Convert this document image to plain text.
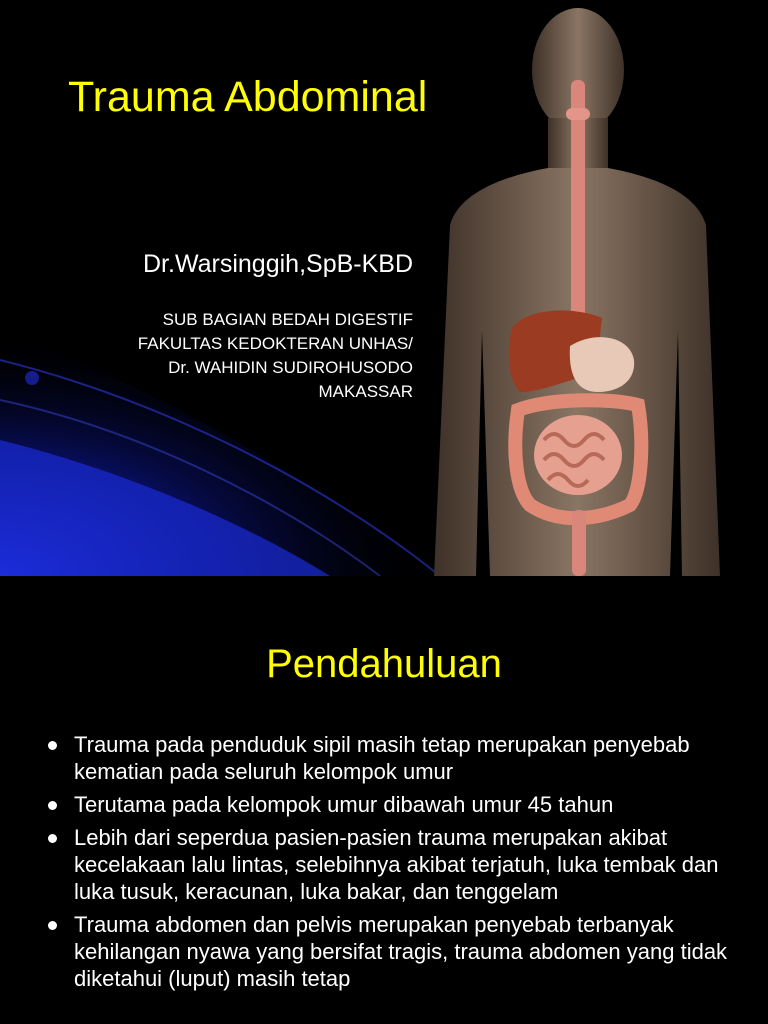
Trauma Abdominal
Dr.Warsinggih,SpB-KBD
SUB BAGIAN BEDAH DIGESTIF
FAKULTAS KEDOKTERAN UNHAS/
Dr. WAHIDIN SUDIROHUSODO
MAKASSAR
Pendahuluan
Trauma pada penduduk sipil masih tetap merupakan penyebab kematian pada seluruh kelompok umur
Terutama pada kelompok umur dibawah umur 45 tahun
Lebih dari seperdua pasien-pasien trauma merupakan akibat kecelakaan lalu lintas, selebihnya akibat terjatuh, luka tembak dan luka tusuk, keracunan, luka bakar, dan tenggelam
Trauma abdomen dan pelvis merupakan penyebab terbanyak kehilangan nyawa yang bersifat tragis, trauma abdomen yang tidak diketahui (luput) masih tetap
